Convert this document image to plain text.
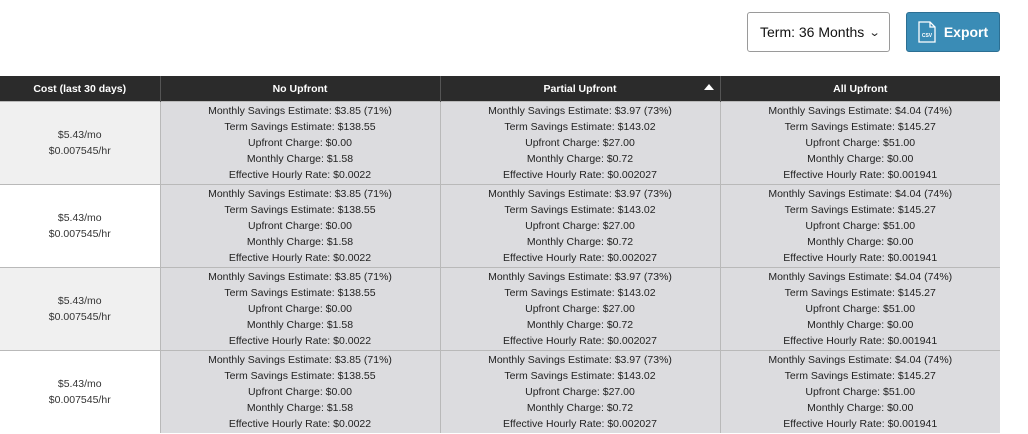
Term: 36 Months ⌄	CSV Export
Cost (last 30 days)	No Upfront	Partial Upfront	All Upfront

$5.43/mo
$0.007545/hr	Monthly Savings Estimate: $3.85 (71%)
Term Savings Estimate: $138.55
Upfront Charge: $0.00
Monthly Charge: $1.58
Effective Hourly Rate: $0.0022	Monthly Savings Estimate: $3.97 (73%)
Term Savings Estimate: $143.02
Upfront Charge: $27.00
Monthly Charge: $0.72
Effective Hourly Rate: $0.002027	Monthly Savings Estimate: $4.04 (74%)
Term Savings Estimate: $145.27
Upfront Charge: $51.00
Monthly Charge: $0.00
Effective Hourly Rate: $0.001941

$5.43/mo
$0.007545/hr	Monthly Savings Estimate: $3.85 (71%)
Term Savings Estimate: $138.55
Upfront Charge: $0.00
Monthly Charge: $1.58
Effective Hourly Rate: $0.0022	Monthly Savings Estimate: $3.97 (73%)
Term Savings Estimate: $143.02
Upfront Charge: $27.00
Monthly Charge: $0.72
Effective Hourly Rate: $0.002027	Monthly Savings Estimate: $4.04 (74%)
Term Savings Estimate: $145.27
Upfront Charge: $51.00
Monthly Charge: $0.00
Effective Hourly Rate: $0.001941

$5.43/mo
$0.007545/hr	Monthly Savings Estimate: $3.85 (71%)
Term Savings Estimate: $138.55
Upfront Charge: $0.00
Monthly Charge: $1.58
Effective Hourly Rate: $0.0022	Monthly Savings Estimate: $3.97 (73%)
Term Savings Estimate: $143.02
Upfront Charge: $27.00
Monthly Charge: $0.72
Effective Hourly Rate: $0.002027	Monthly Savings Estimate: $4.04 (74%)
Term Savings Estimate: $145.27
Upfront Charge: $51.00
Monthly Charge: $0.00
Effective Hourly Rate: $0.001941

$5.43/mo
$0.007545/hr	Monthly Savings Estimate: $3.85 (71%)
Term Savings Estimate: $138.55
Upfront Charge: $0.00
Monthly Charge: $1.58
Effective Hourly Rate: $0.0022	Monthly Savings Estimate: $3.97 (73%)
Term Savings Estimate: $143.02
Upfront Charge: $27.00
Monthly Charge: $0.72
Effective Hourly Rate: $0.002027	Monthly Savings Estimate: $4.04 (74%)
Term Savings Estimate: $145.27
Upfront Charge: $51.00
Monthly Charge: $0.00
Effective Hourly Rate: $0.001941
